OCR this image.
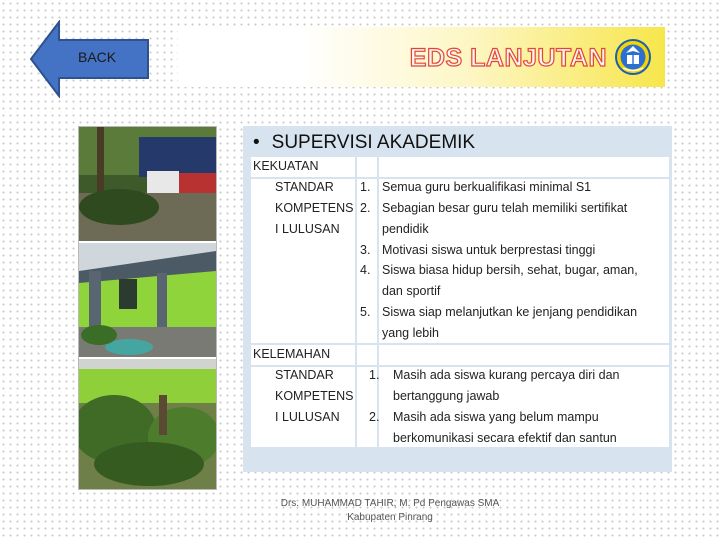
BACK	EDS LANJUTAN
• SUPERVISI AKADEMIK
KEKUATAN
STANDAR
KOMPETENS
I LULUSAN
1. Semua guru berkualifikasi minimal S1
2. Sebagian besar guru telah memiliki sertifikat
pendidik
3. Motivasi siswa untuk berprestasi tinggi
4. Siswa biasa hidup bersih, sehat, bugar, aman,
dan sportif
5. Siswa siap melanjutkan ke jenjang pendidikan
yang lebih
KELEMAHAN
STANDAR
KOMPETENS
I LULUSAN
1. Masih ada siswa kurang percaya diri dan
bertanggung jawab
2. Masih ada siswa yang belum mampu
berkomunikasi secara efektif dan santun
Drs. MUHAMMAD TAHIR, M. Pd Pengawas SMA
Kabupaten Pinrang
